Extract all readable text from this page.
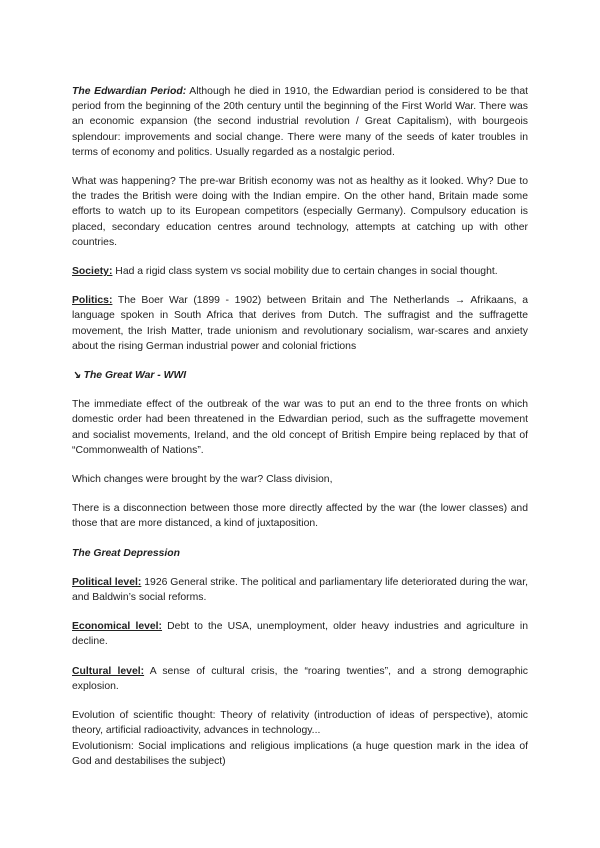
The Edwardian Period: Although he died in 1910, the Edwardian period is considered to be that period from the beginning of the 20th century until the beginning of the First World War. There was an economic expansion (the second industrial revolution / Great Capitalism), with bourgeois splendour: improvements and social change. There were many of the seeds of kater troubles in terms of economy and politics. Usually regarded as a nostalgic period.

What was happening? The pre-war British economy was not as healthy as it looked. Why? Due to the trades the British were doing with the Indian empire. On the other hand, Britain made some efforts to watch up to its European competitors (especially Germany). Compulsory education is placed, secondary education centres around technology, attempts at catching up with other countries.

Society: Had a rigid class system vs social mobility due to certain changes in social thought.

Politics: The Boer War (1899 - 1902) between Britain and The Netherlands → Afrikaans, a language spoken in South Africa that derives from Dutch. The suffragist and the suffragette movement, the Irish Matter, trade unionism and revolutionary socialism, war-scares and anxiety about the rising German industrial power and colonial frictions

↘ The Great War - WWI

The immediate effect of the outbreak of the war was to put an end to the three fronts on which domestic order had been threatened in the Edwardian period, such as the suffragette movement and socialist movements, Ireland, and the old concept of British Empire being replaced by that of “Commonwealth of Nations”.

Which changes were brought by the war? Class division,

There is a disconnection between those more directly affected by the war (the lower classes) and those that are more distanced, a kind of juxtaposition.

The Great Depression

Political level: 1926 General strike. The political and parliamentary life deteriorated during the war, and Baldwin’s social reforms.

Economical level: Debt to the USA, unemployment, older heavy industries and agriculture in decline.

Cultural level: A sense of cultural crisis, the “roaring twenties”, and a strong demographic explosion.

Evolution of scientific thought: Theory of relativity (introduction of ideas of perspective), atomic theory, artificial radioactivity, advances in technology...

Evolutionism: Social implications and religious implications (a huge question mark in the idea of God and destabilises the subject)
